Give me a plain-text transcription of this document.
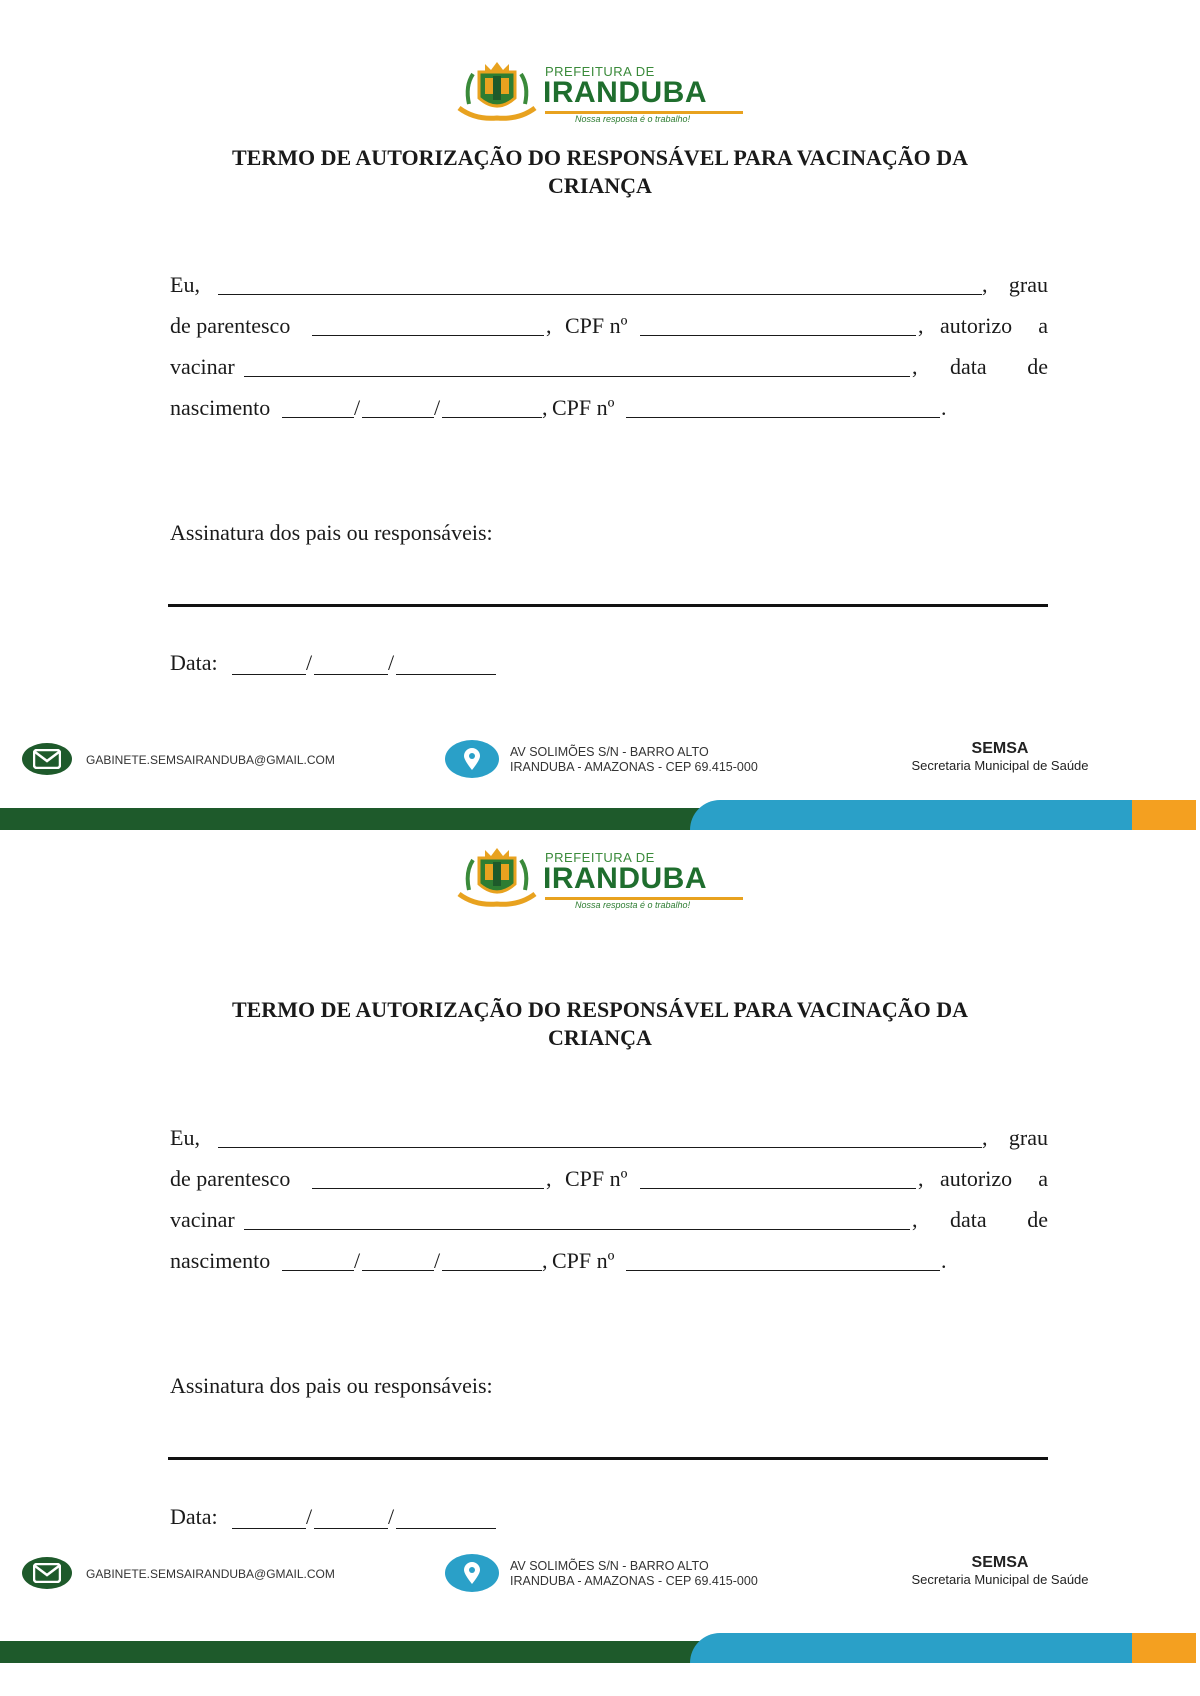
PREFEITURA DE
IRANDUBA
Nossa resposta é o trabalho!
TERMO DE AUTORIZAÇÃO DO RESPONSÁVEL PARA VACINAÇÃO DA
CRIANÇA
Eu,	, grau
de parentesco	, CPF nº	, autorizo a
vacinar	, data de
nascimento	/	/	, CPF nº	.
Assinatura dos pais ou responsáveis:
Data:	/	/
GABINETE.SEMSAIRANDUBA@GMAIL.COM
AV SOLIMÕES S/N - BARRO ALTO
IRANDUBA - AMAZONAS - CEP 69.415-000
SEMSA
Secretaria Municipal de Saúde
PREFEITURA DE
IRANDUBA
Nossa resposta é o trabalho!
TERMO DE AUTORIZAÇÃO DO RESPONSÁVEL PARA VACINAÇÃO DA
CRIANÇA
Eu,	, grau
de parentesco	, CPF nº	, autorizo a
vacinar	, data de
nascimento	/	/	, CPF nº	.
Assinatura dos pais ou responsáveis:
Data:	/	/
GABINETE.SEMSAIRANDUBA@GMAIL.COM
AV SOLIMÕES S/N - BARRO ALTO
IRANDUBA - AMAZONAS - CEP 69.415-000
SEMSA
Secretaria Municipal de Saúde
